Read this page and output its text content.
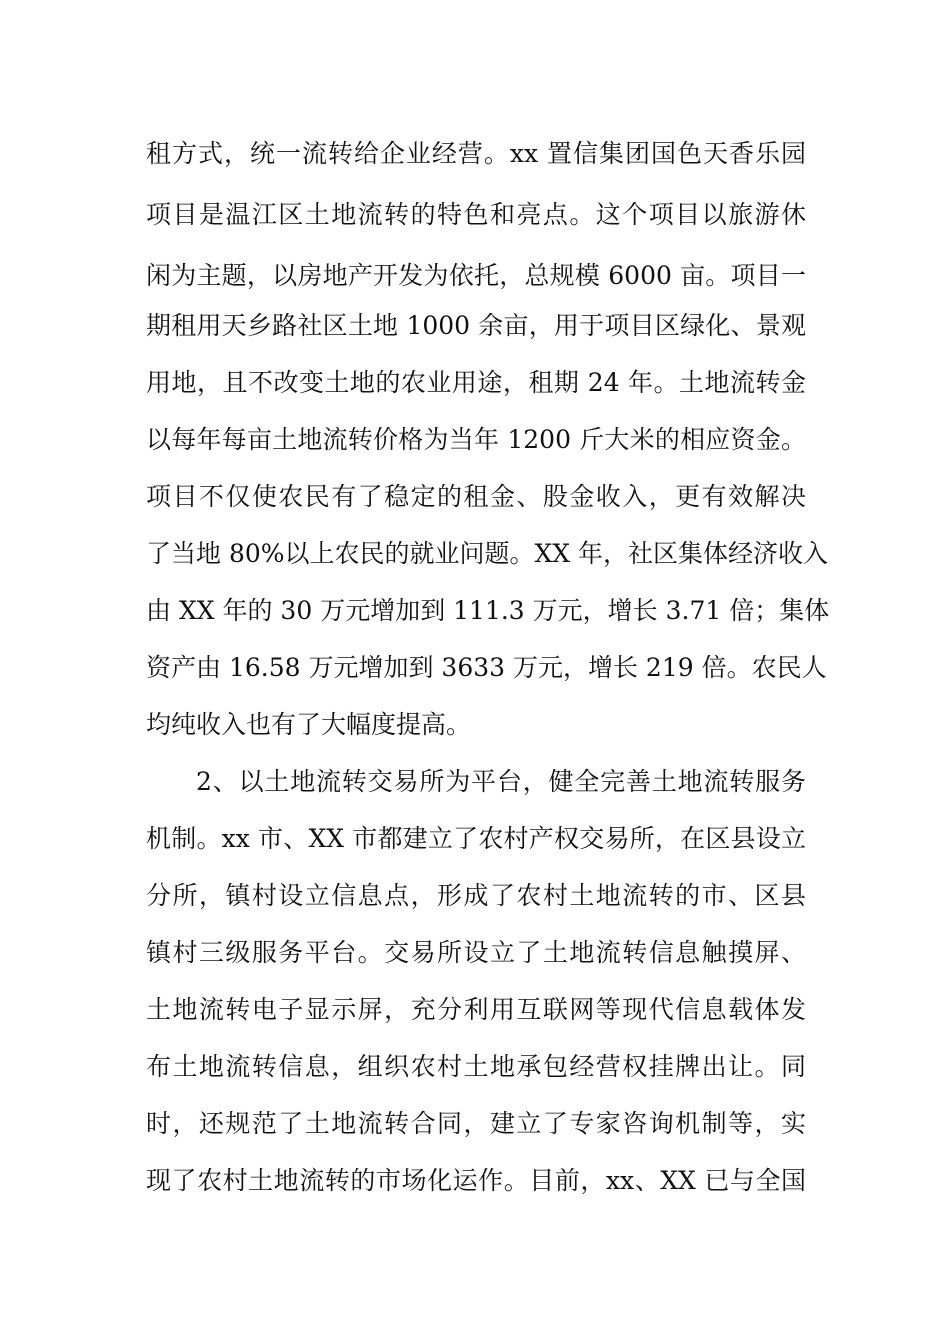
租方式，统一流转给企业经营。xx 置信集团国色天香乐园
项目是温江区土地流转的特色和亮点。这个项目以旅游休
闲为主题，以房地产开发为依托，总规模 6000 亩。项目一
期租用天乡路社区土地 1000 余亩，用于项目区绿化、景观
用地，且不改变土地的农业用途，租期 24 年。土地流转金
以每年每亩土地流转价格为当年 1200 斤大米的相应资金。
项目不仅使农民有了稳定的租金、股金收入，更有效解决
了当地 80%以上农民的就业问题。XX 年，社区集体经济收入
由 XX 年的 30 万元增加到 111.3 万元，增长 3.71 倍；集体
资产由 16.58 万元增加到 3633 万元，增长 219 倍。农民人
均纯收入也有了大幅度提高。
2、以土地流转交易所为平台，健全完善土地流转服务
机制。xx 市、XX 市都建立了农村产权交易所，在区县设立
分所，镇村设立信息点，形成了农村土地流转的市、区县
镇村三级服务平台。交易所设立了土地流转信息触摸屏、
土地流转电子显示屏，充分利用互联网等现代信息载体发
布土地流转信息，组织农村土地承包经营权挂牌出让。同
时，还规范了土地流转合同，建立了专家咨询机制等，实
现了农村土地流转的市场化运作。目前，xx、XX 已与全国
